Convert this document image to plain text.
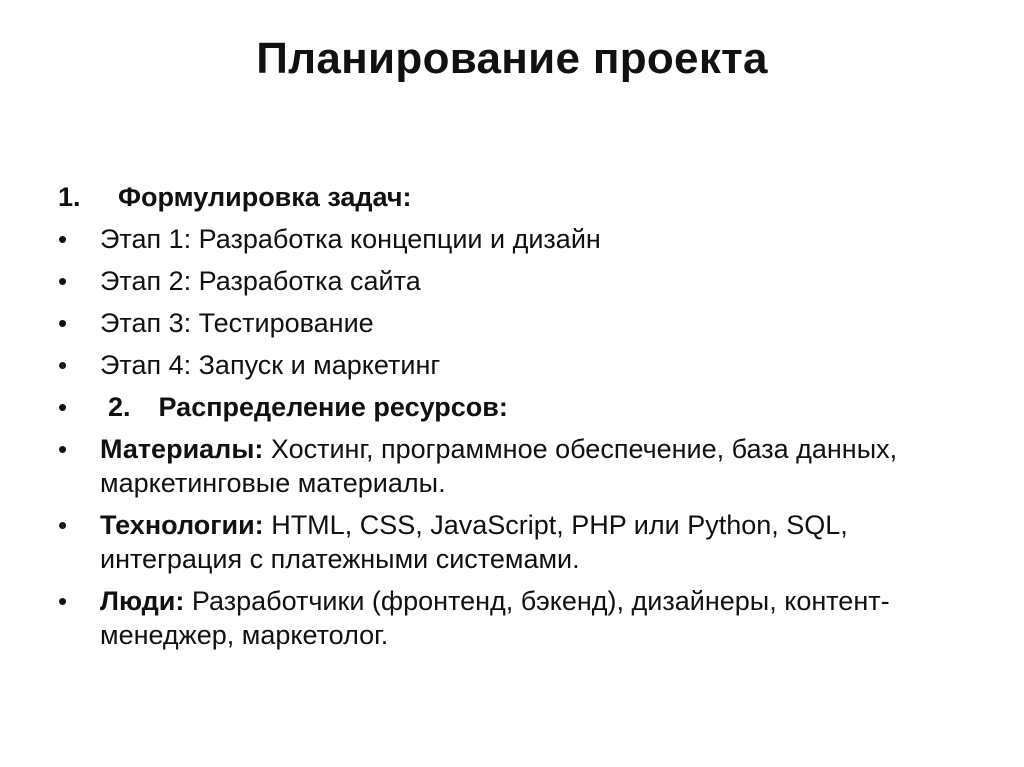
Планирование проекта
1.	Формулировка задач:
•	Этап 1: Разработка концепции и дизайн
•	Этап 2: Разработка сайта
•	Этап 3: Тестирование
•	Этап 4: Запуск и маркетинг
•	2. Распределение ресурсов:
•	Материалы: Хостинг, программное обеспечение, база данных, маркетинговые материалы.
•	Технологии: HTML, CSS, JavaScript, PHP или Python, SQL, интеграция с платежными системами.
•	Люди: Разработчики (фронтенд, бэкенд), дизайнеры, контент-менеджер, маркетолог.
